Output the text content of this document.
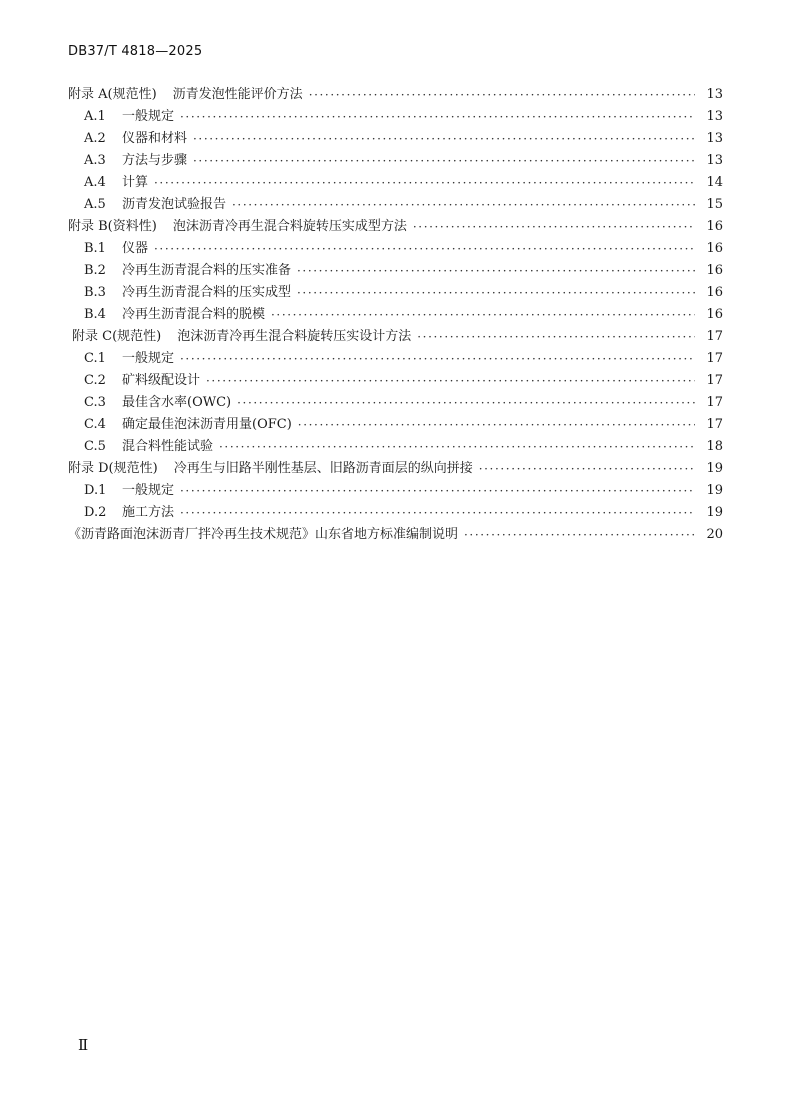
DB37/T 4818—2025
附录 A(规范性) 沥青发泡性能评价方法 ·····	13
A.1	一般规定 ·····	13
A.2	仪器和材料 ·····	13
A.3	方法与步骤 ·····	13
A.4	计算 ·····	14
A.5	沥青发泡试验报告 ·····	15
附录 B(资料性) 泡沫沥青冷再生混合料旋转压实成型方法 ·····	16
B.1	仪器 ·····	16
B.2	冷再生沥青混合料的压实准备 ·····	16
B.3	冷再生沥青混合料的压实成型 ·····	16
B.4	冷再生沥青混合料的脱模 ·····	16
附录 C(规范性) 泡沫沥青冷再生混合料旋转压实设计方法 ·····	17
C.1	一般规定 ·····	17
C.2	矿料级配设计 ·····	17
C.3	最佳含水率(OWC) ·····	17
C.4	确定最佳泡沫沥青用量(OFC) ·····	17
C.5	混合料性能试验 ·····	18
附录 D(规范性) 冷再生与旧路半刚性基层、旧路沥青面层的纵向拼接 ·····	19
D.1	一般规定 ·····	19
D.2	施工方法 ·····	19
《沥青路面泡沫沥青厂拌冷再生技术规范》山东省地方标准编制说明 ·····	20
Ⅱ
